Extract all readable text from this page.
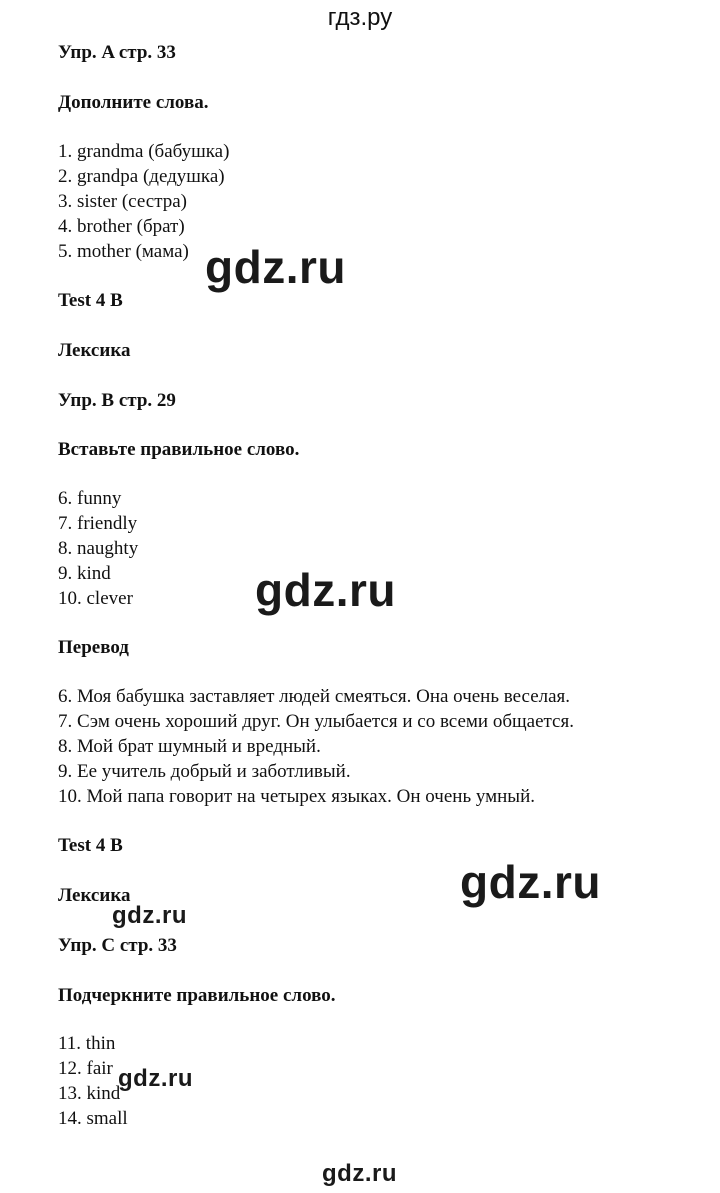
гдз.ру
Упр. A стр. 33
Дополните слова.
1. grandma (бабушка)
2. grandpa (дедушка)
3. sister (сестра)
4. brother (брат)
5. mother (мама)
Test 4 B
Лексика
Упр. B стр. 29
Вставьте правильное слово.
6. funny
7. friendly
8. naughty
9. kind
10. clever
Перевод
6. Моя бабушка заставляет людей смеяться. Она очень веселая.
7. Сэм очень хороший друг. Он улыбается и со всеми общается.
8. Мой брат шумный и вредный.
9. Ее учитель добрый и заботливый.
10. Мой папа говорит на четырех языках. Он очень умный.
Test 4 B
Лексика
Упр. C стр. 33
Подчеркните правильное слово.
11. thin
12. fair
13. kind
14. small
gdz.ru
gdz.ru
gdz.ru
gdz.ru
gdz.ru
gdz.ru
